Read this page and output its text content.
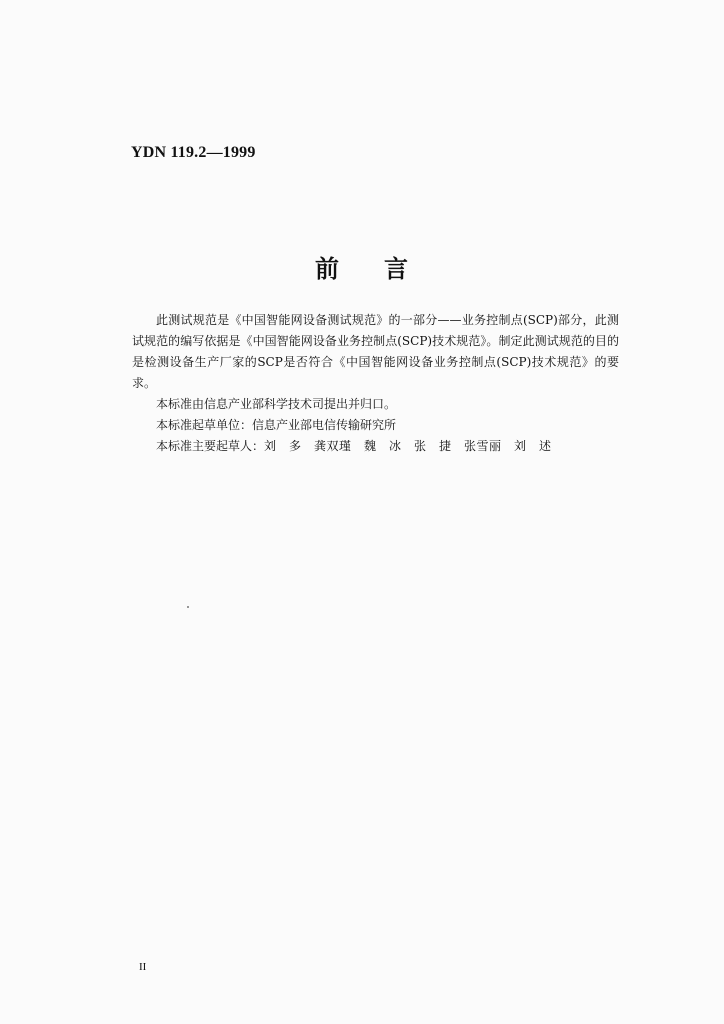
YDN 119.2—1999
前 言

此测试规范是《中国智能网设备测试规范》的一部分——业务控制点(SCP)部分，此测试规范的编写依据是《中国智能网设备业务控制点(SCP)技术规范》。制定此测试规范的目的是检测设备生产厂家的SCP是否符合《中国智能网设备业务控制点(SCP)技术规范》的要求。

本标准由信息产业部科学技术司提出并归口。

本标准起草单位：信息产业部电信传输研究所

本标准主要起草人：刘　多　龚双瑾　魏　冰　张　捷　张雪丽　刘　述

II
